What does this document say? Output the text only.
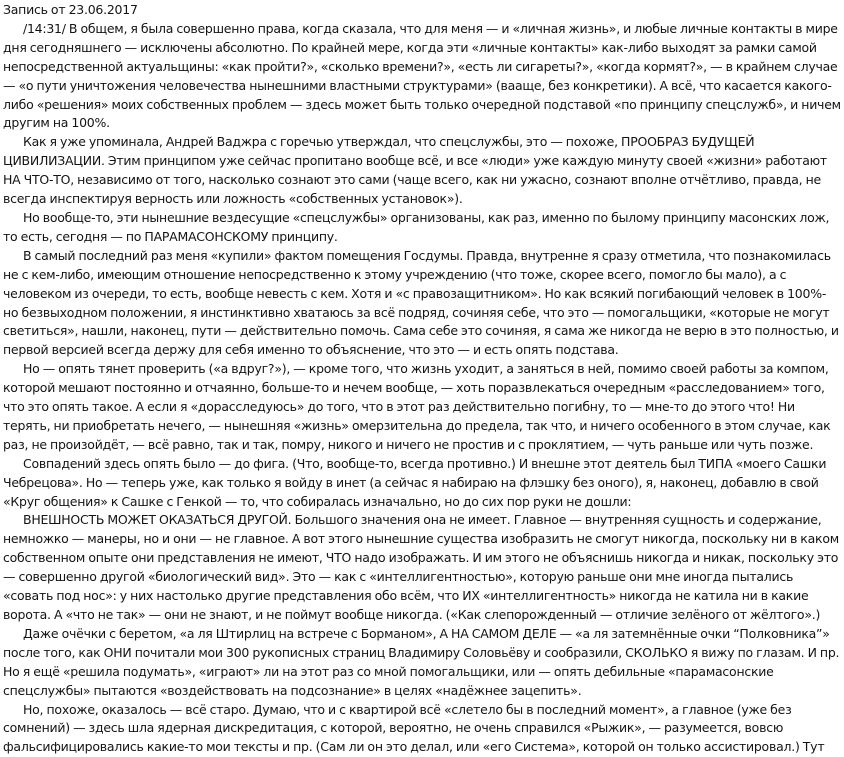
Запись от 23.06.2017

/14:31/ В общем, я была совершенно права, когда сказала, что для меня — и «личная жизнь», и любые личные контакты в мире дня сегодняшнего — исключены абсолютно. По крайней мере, когда эти «личные контакты» как-либо выходят за рамки самой непосредственной актуальщины: «как пройти?», «сколько времени?», «есть ли сигареты?», «когда кормят?», — в крайнем случае — «о пути уничтожения человечества нынешними властными структурами» (вааще, без конкретики). А всё, что касается какого-либо «решения» моих собственных проблем — здесь может быть только очередной подставой «по принципу спецслужб», и ничем другим на 100%.

Как я уже упоминала, Андрей Ваджра с горечью утверждал, что спецслужбы, это — похоже, ПРООБРАЗ БУДУЩЕЙ ЦИВИЛИЗАЦИИ. Этим принципом уже сейчас пропитано вообще всё, и все «люди» уже каждую минуту своей «жизни» работают НА ЧТО-ТО, независимо от того, насколько сознают это сами (чаще всего, как ни ужасно, сознают вполне отчётливо, правда, не всегда инспектируя верность или ложность «собственных установок»).

Но вообще-то, эти нынешние вездесущие «спецслужбы» организованы, как раз, именно по былому принципу масонских лож, то есть, сегодня — по ПАРАМАСОНСКОМУ принципу.

В самый последний раз меня «купили» фактом помещения Госдумы. Правда, внутренне я сразу отметила, что познакомилась не с кем-либо, имеющим отношение непосредственно к этому учреждению (что тоже, скорее всего, помогло бы мало), а с человеком из очереди, то есть, вообще невесть с кем. Хотя и «с правозащитником». Но как всякий погибающий человек в 100%-но безвыходном положении, я инстинктивно хватаюсь за всё подряд, сочиняя себе, что это — помогальщики, «которые не могут светиться», нашли, наконец, пути — действительно помочь. Сама себе это сочиняя, я сама же никогда не верю в это полностью, и первой версией всегда держу для себя именно то объяснение, что это — и есть опять подстава.

Но — опять тянет проверить («а вдруг?»), — кроме того, что жизнь уходит, а заняться в ней, помимо своей работы за компом, которой мешают постоянно и отчаянно, больше-то и нечем вообще, — хоть поразвлекаться очередным «расследованием» того, что это опять такое. А если я «дорасследуюсь» до того, что в этот раз действительно погибну, то — мне-то до этого что! Ни терять, ни приобретать нечего, — нынешняя «жизнь» омерзительна до предела, так что, и ничего особенного в этом случае, как раз, не произойдёт, — всё равно, так и так, помру, никого и ничего не простив и с проклятием, — чуть раньше или чуть позже.

Совпадений здесь опять было — до фига. (Что, вообще-то, всегда противно.) И внешне этот деятель был ТИПА «моего Сашки Чебрецова». Но — теперь уже, как только я войду в инет (а сейчас я набираю на флэшку без оного), я, наконец, добавлю в свой «Круг общения» к Сашке с Генкой — то, что собиралась изначально, но до сих пор руки не дошли:

ВНЕШНОСТЬ МОЖЕТ ОКАЗАТЬСЯ ДРУГОЙ. Большого значения она не имеет. Главное — внутренняя сущность и содержание, немножко — манеры, но и они — не главное. А вот этого нынешние существа изобразить не смогут никогда, поскольку ни в каком собственном опыте они представления не имеют, ЧТО надо изображать. И им этого не объяснишь никогда и никак, поскольку это — совершенно другой «биологический вид». Это — как с «интеллигентностью», которую раньше они мне иногда пытались «совать под нос»: у них настолько другие представления обо всём, что ИХ «интеллигентность» никогда не катила ни в какие ворота. А «что не так» — они не знают, и не поймут вообще никогда. («Как слепорожденный — отличие зелёного от жёлтого».)

Даже очёчки с беретом, «а ля Штирлиц на встрече с Борманом», А НА САМОМ ДЕЛЕ — «а ля затемнённые очки “Полковника”» после того, как ОНИ почитали мои 300 рукописных страниц Владимиру Соловьёву и сообразили, СКОЛЬКО я вижу по глазам. И пр. Но я ещё «решила подумать», «играют» ли на этот раз со мной помогальщики, или — опять дебильные «парамасонские спецслужбы» пытаются «воздействовать на подсознание» в целях «надёжнее зацепить».

Но, похоже, оказалось — всё старо. Думаю, что и с квартирой всё «слетело бы в последний момент», а главное (уже без сомнений) — здесь шла ядерная дискредитация, с которой, вероятно, не очень справился «Рыжик», — разумеется, вовсю фальсифицировались какие-то мои тексты и пр. (Сам ли он это делал, или «его Система», которой он только ассистировал.) Тут
